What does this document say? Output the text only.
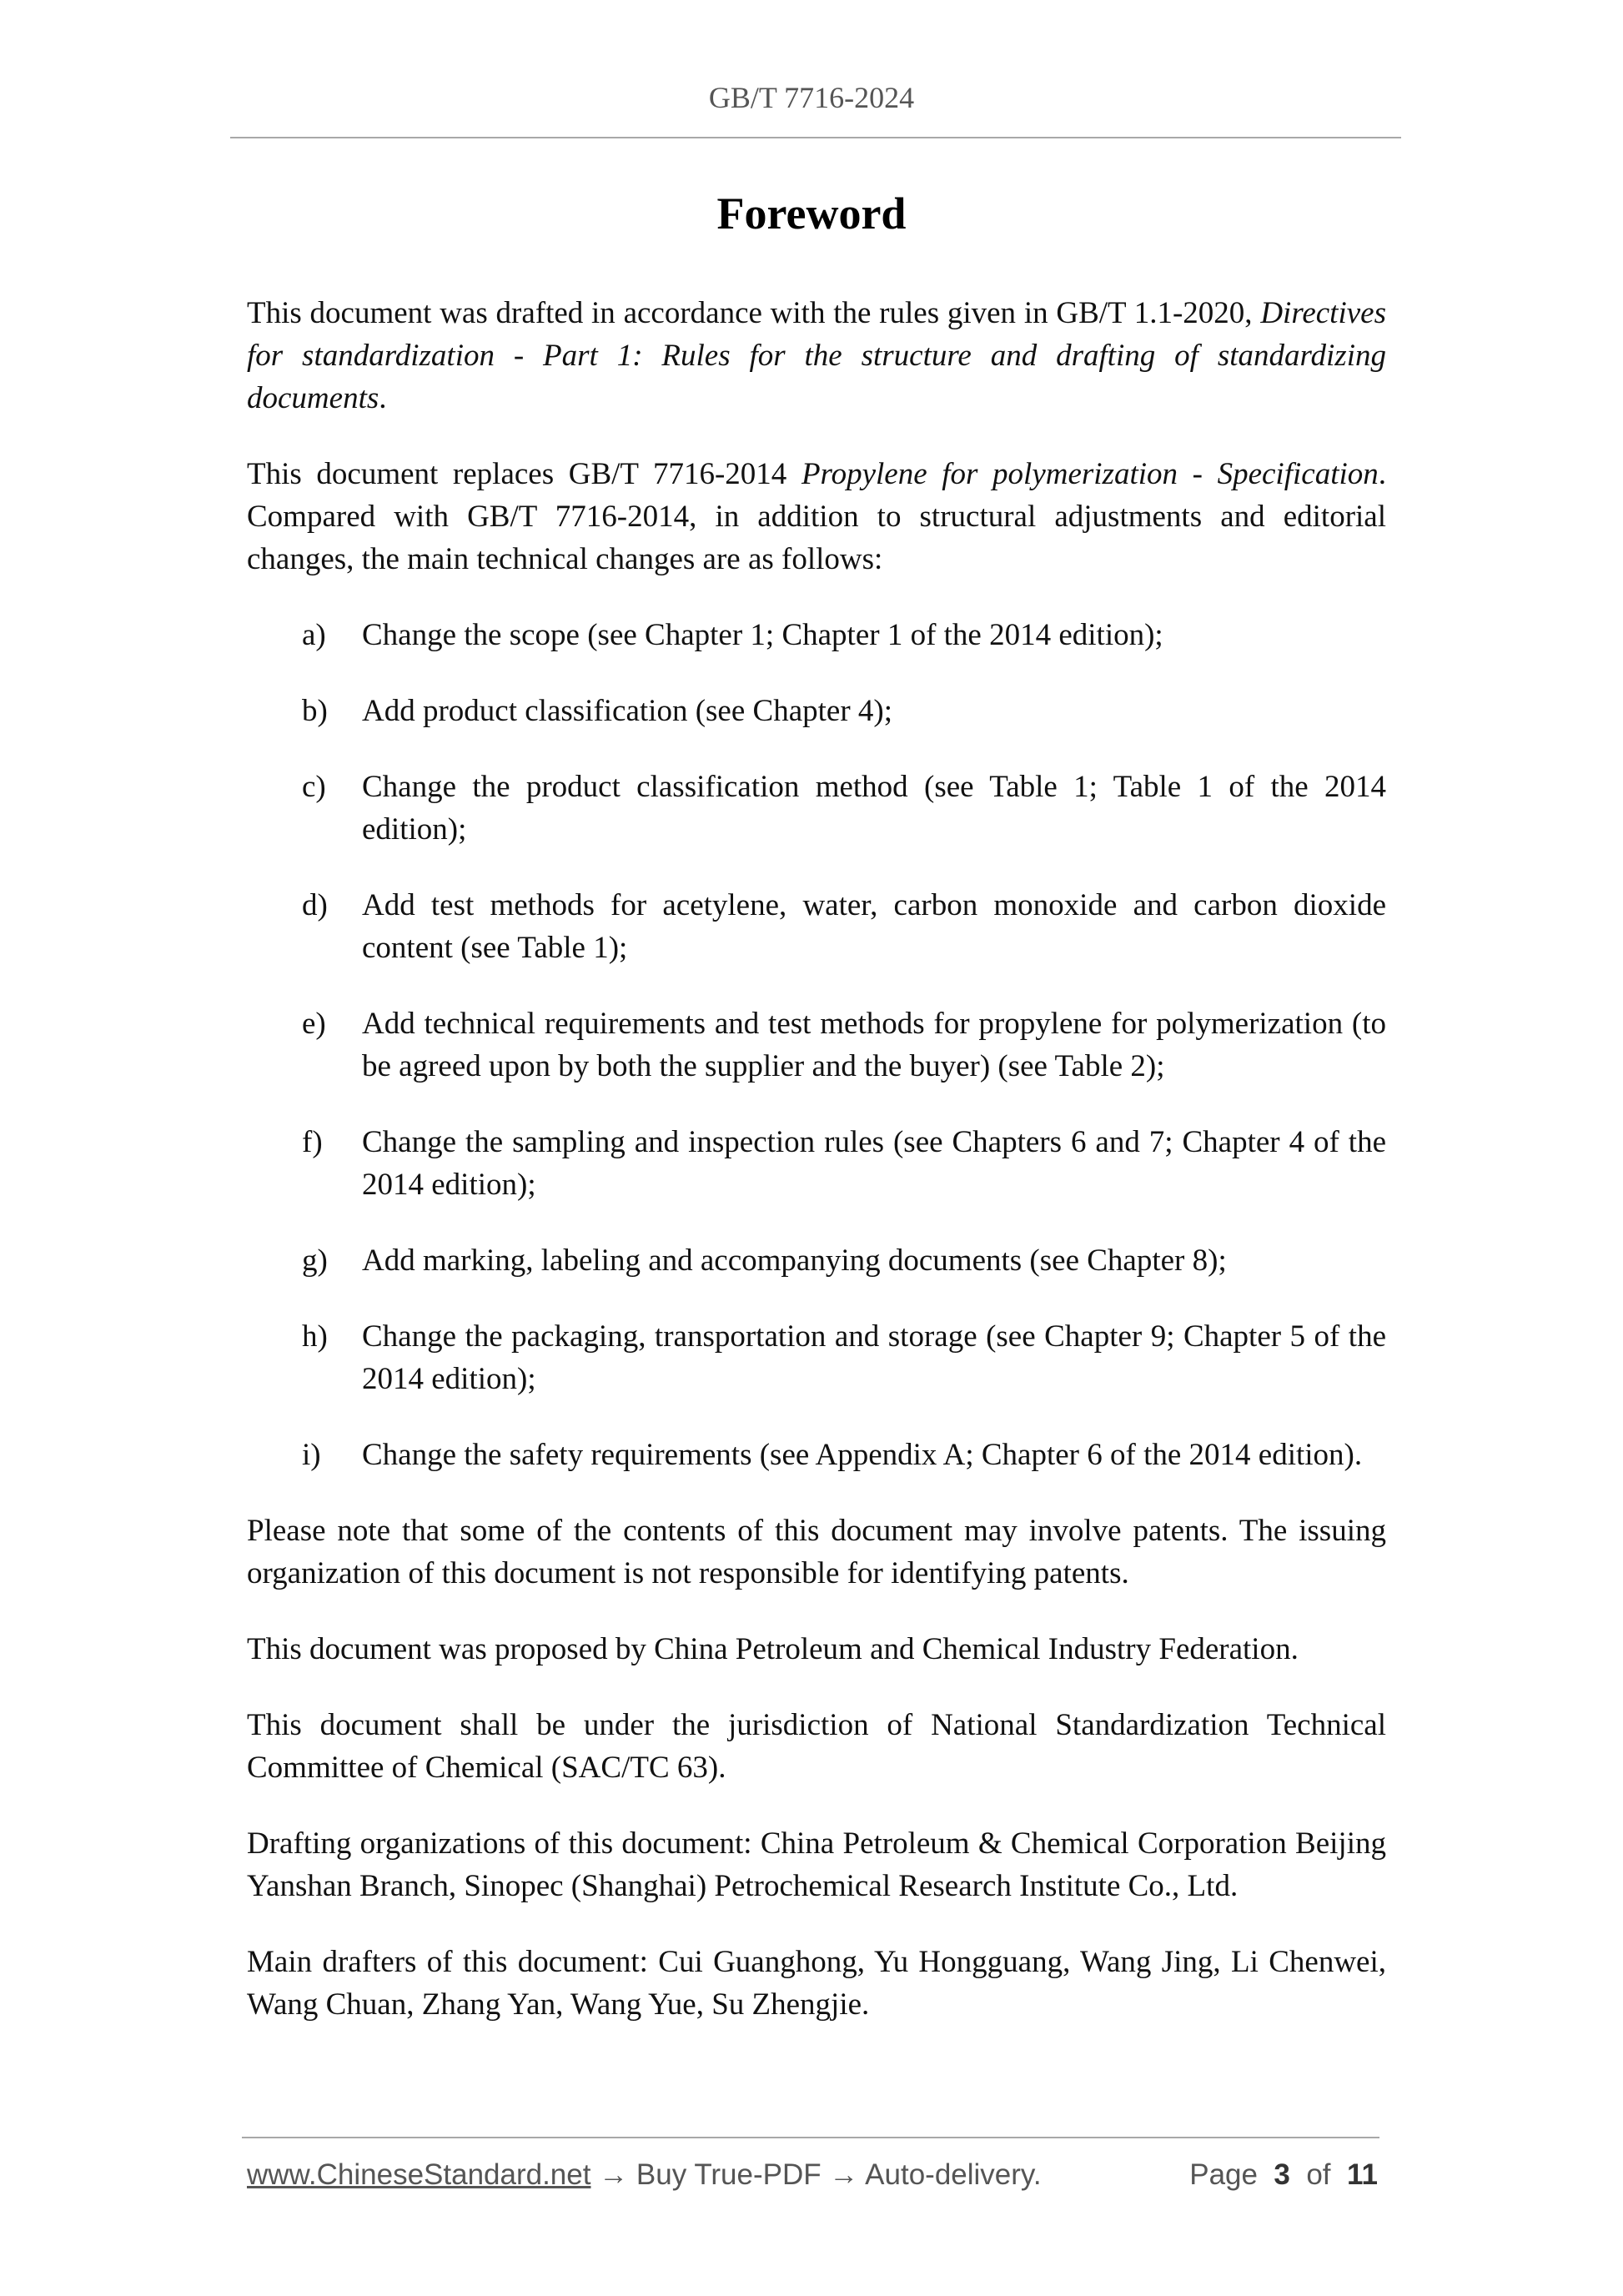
GB/T 7716-2024
Foreword

This document was drafted in accordance with the rules given in GB/T 1.1-2020, Directives for standardization - Part 1: Rules for the structure and drafting of standardizing documents.

This document replaces GB/T 7716-2014 Propylene for polymerization - Specification. Compared with GB/T 7716-2014, in addition to structural adjustments and editorial changes, the main technical changes are as follows:

a)	Change the scope (see Chapter 1; Chapter 1 of the 2014 edition);
b)	Add product classification (see Chapter 4);
c)	Change the product classification method (see Table 1; Table 1 of the 2014 edition);
d)	Add test methods for acetylene, water, carbon monoxide and carbon dioxide content (see Table 1);
e)	Add technical requirements and test methods for propylene for polymerization (to be agreed upon by both the supplier and the buyer) (see Table 2);
f)	Change the sampling and inspection rules (see Chapters 6 and 7; Chapter 4 of the 2014 edition);
g)	Add marking, labeling and accompanying documents (see Chapter 8);
h)	Change the packaging, transportation and storage (see Chapter 9; Chapter 5 of the 2014 edition);
i)	Change the safety requirements (see Appendix A; Chapter 6 of the 2014 edition).

Please note that some of the contents of this document may involve patents. The issuing organization of this document is not responsible for identifying patents.

This document was proposed by China Petroleum and Chemical Industry Federation.

This document shall be under the jurisdiction of National Standardization Technical Committee of Chemical (SAC/TC 63).

Drafting organizations of this document: China Petroleum & Chemical Corporation Beijing Yanshan Branch, Sinopec (Shanghai) Petrochemical Research Institute Co., Ltd.

Main drafters of this document: Cui Guanghong, Yu Hongguang, Wang Jing, Li Chenwei, Wang Chuan, Zhang Yan, Wang Yue, Su Zhengjie.

www.ChineseStandard.net → Buy True-PDF → Auto-delivery.	Page 3 of 11
